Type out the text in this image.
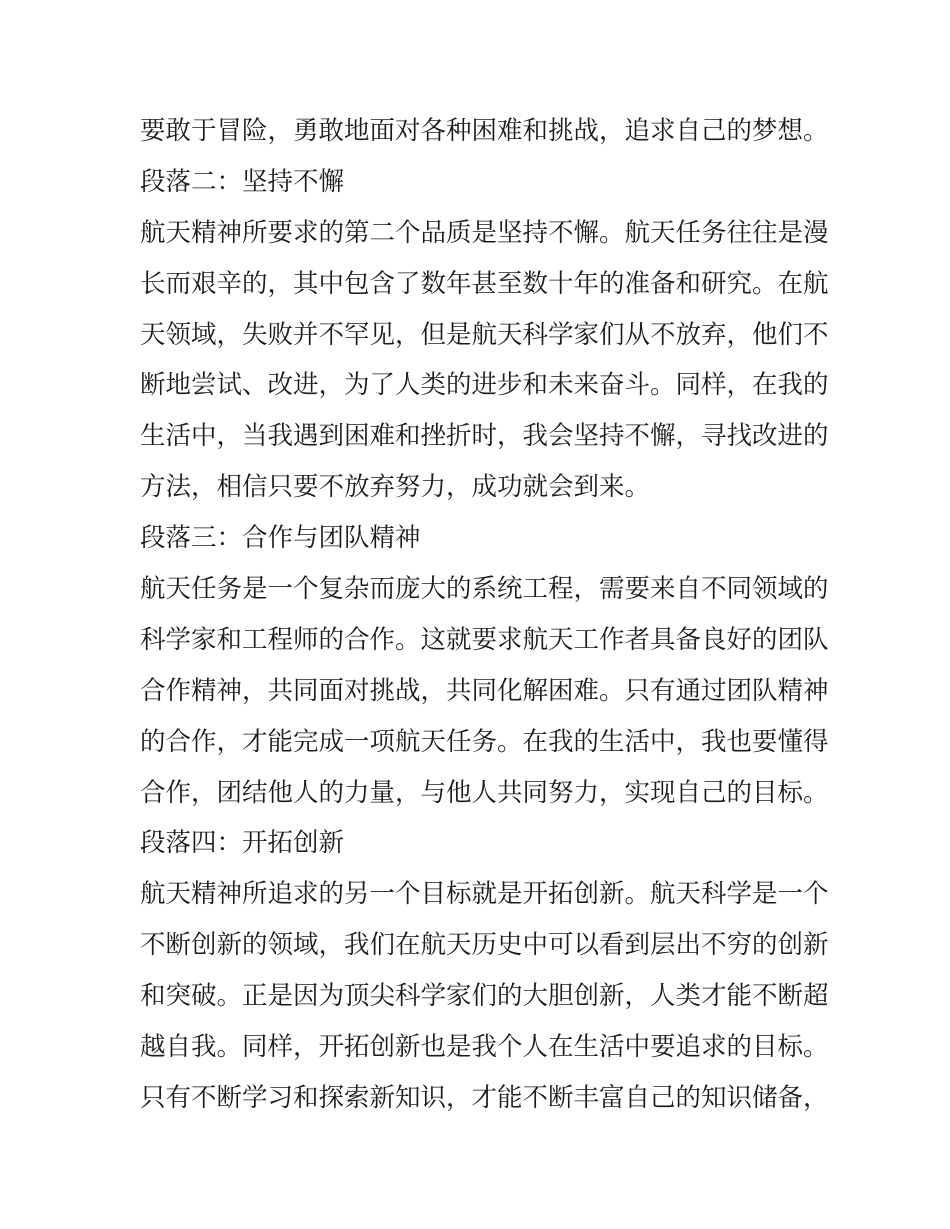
要敢于冒险，勇敢地面对各种困难和挑战，追求自己的梦想。
段落二：坚持不懈
航天精神所要求的第二个品质是坚持不懈。航天任务往往是漫
长而艰辛的，其中包含了数年甚至数十年的准备和研究。在航
天领域，失败并不罕见，但是航天科学家们从不放弃，他们不
断地尝试、改进，为了人类的进步和未来奋斗。同样，在我的
生活中，当我遇到困难和挫折时，我会坚持不懈，寻找改进的
方法，相信只要不放弃努力，成功就会到来。
段落三：合作与团队精神
航天任务是一个复杂而庞大的系统工程，需要来自不同领域的
科学家和工程师的合作。这就要求航天工作者具备良好的团队
合作精神，共同面对挑战，共同化解困难。只有通过团队精神
的合作，才能完成一项航天任务。在我的生活中，我也要懂得
合作，团结他人的力量，与他人共同努力，实现自己的目标。
段落四：开拓创新
航天精神所追求的另一个目标就是开拓创新。航天科学是一个
不断创新的领域，我们在航天历史中可以看到层出不穷的创新
和突破。正是因为顶尖科学家们的大胆创新，人类才能不断超
越自我。同样，开拓创新也是我个人在生活中要追求的目标。
只有不断学习和探索新知识，才能不断丰富自己的知识储备，
